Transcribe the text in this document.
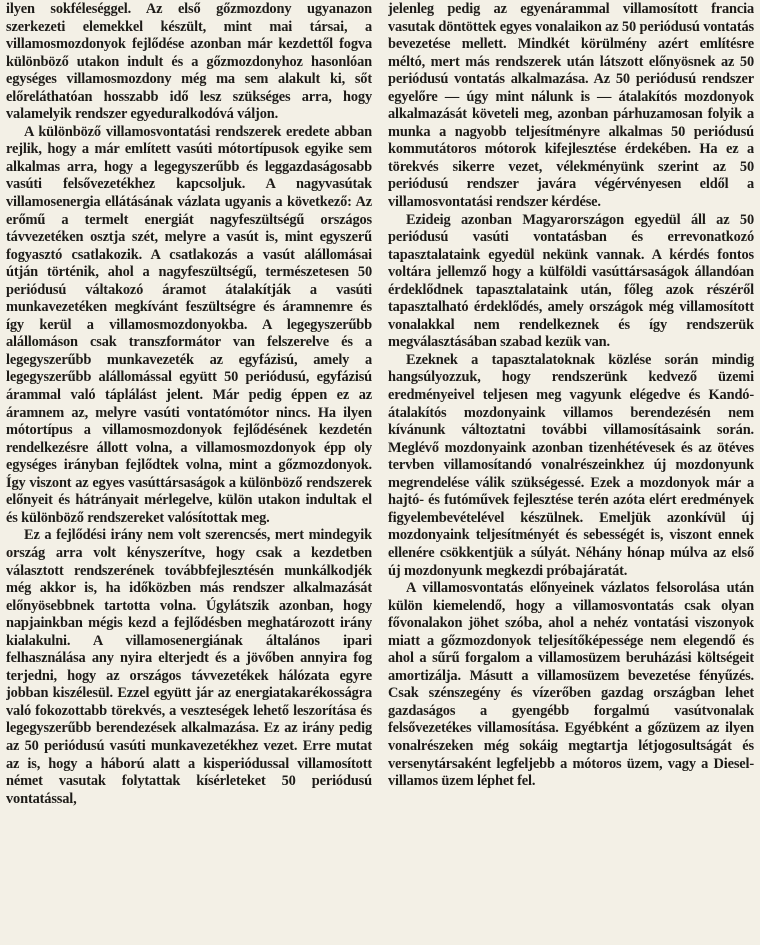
ilyen sokféleséggel. Az első gőzmozdony ugyanazon szerkezeti elemekkel készült, mint mai társai, a villamosmozdonyok fejlődése azonban már kezdettől fogva különböző utakon indult és a gőzmozdonyhoz hasonlóan egységes villamosmozdony még ma sem alakult ki, sőt előreláthatóan hosszabb idő lesz szükséges arra, hogy valamelyik rendszer egyeduralkodóvá váljon.

A különböző villamosvontatási rendszerek eredete abban rejlik, hogy a már említett vasúti mótortípusok egyike sem alkalmas arra, hogy a legegyszerűbb és leggazdaságosabb vasúti felsővezetékhez kapcsoljuk. A nagyvasútak villamosenergia ellátásának vázlata ugyanis a következő: Az erőmű a termelt energiát nagyfeszültségű országos távvezetéken osztja szét, melyre a vasút is, mint egyszerű fogyasztó csatlakozik. A csatlakozás a vasút alállomásai útján történik, ahol a nagyfeszültségű, természetesen 50 periódusú váltakozó áramot átalakítják a vasúti munkavezetéken megkívánt feszültségre és áramnemre és így kerül a villamosmozdonyokba. A legegyszerűbb alállomáson csak transzformátor van felszerelve és a legegyszerűbb munkavezeték az egyfázisú, amely a legegyszerűbb alállomással együtt 50 periódusú, egyfázisú árammal való táplálást jelent. Már pedig éppen ez az áramnem az, melyre vasúti vontatómótor nincs. Ha ilyen mótortípus a villamosmozdonyok fejlődésének kezdetén rendelkezésre állott volna, a villamosmozdonyok épp oly egységes irányban fejlődtek volna, mint a gőzmozdonyok. Így viszont az egyes vasúttársaságok a különböző rendszerek előnyeit és hátrányait mérlegelve, külön utakon indultak el és különböző rendszereket valósítottak meg.

Ez a fejlődési irány nem volt szerencsés, mert mindegyik ország arra volt kényszerítve, hogy csak a kezdetben választott rendszerének továbbfejlesztésén munkálkodjék még akkor is, ha időközben más rendszer alkalmazását előnyösebbnek tartotta volna. Úgylátszik azonban, hogy napjainkban mégis kezd a fejlődésben meghatározott irány kialakulni. A villamosenergiának általános ipari felhasználása any nyira elterjedt és a jövőben annyira fog terjedni, hogy az országos távvezetékek hálózata egyre jobban kiszélesül. Ezzel együtt jár az energiatakarékosságra való fokozottabb törekvés, a veszteségek lehető leszorítása és legegyszerűbb berendezések alkalmazása. Ez az irány pedig az 50 periódusú vasúti munkavezetékhez vezet. Erre mutat az is, hogy a háború alatt a kisperiódussal villamosított német vasutak folytattak kísérleteket 50 periódusú vontatással,

jelenleg pedig az egyenárammal villamosított francia vasutak döntöttek egyes vonalaikon az 50 periódusú vontatás bevezetése mellett. Mindkét körülmény azért említésre méltó, mert más rendszerek után látszott előnyösnek az 50 periódusú vontatás alkalmazása. Az 50 periódusú rendszer egyelőre — úgy mint nálunk is — átalakítós mozdonyok alkalmazását követeli meg, azonban párhuzamosan folyik a munka a nagyobb teljesítményre alkalmas 50 periódusú kommutátoros mótorok kifejlesztése érdekében. Ha ez a törekvés sikerre vezet, vélekményünk szerint az 50 periódusú rendszer javára végérvényesen eldől a villamosvontatási rendszer kérdése.

Ezideig azonban Magyarországon egyedül áll az 50 periódusú vasúti vontatásban és errevonatkozó tapasztalataink egyedül nekünk vannak. A kérdés fontos voltára jellemző hogy a külföldi vasúttársaságok állandóan érdeklődnek tapasztalataink után, főleg azok részéről tapasztalható érdeklődés, amely országok még villamosított vonalakkal nem rendelkeznek és így rendszerük megválasztásában szabad kezük van.

Ezeknek a tapasztalatoknak közlése során mindig hangsúlyozzuk, hogy rendszerünk kedvező üzemi eredményeivel teljesen meg vagyunk elégedve és Kandó-átalakítós mozdonyaink villamos berendezésén nem kívánunk változtatni további villamosításaink során. Meglévő mozdonyaink azonban tizenhétévesek és az ötéves tervben villamosítandó vonalrészeinkhez új mozdonyunk megrendelése válik szükségessé. Ezek a mozdonyok már a hajtó- és futóművek fejlesztése terén azóta elért eredmények figyelembevételével készülnek. Emeljük azonkívül új mozdonyaink teljesítményét és sebességét is, viszont ennek ellenére csökkentjük a súlyát. Néhány hónap múlva az első új mozdonyunk megkezdi próbajáratát.

A villamosvontatás előnyeinek vázlatos felsorolása után külön kiemelendő, hogy a villamosvontatás csak olyan fővonalakon jöhet szóba, ahol a nehéz vontatási viszonyok miatt a gőzmozdonyok teljesítőképessége nem elegendő és ahol a sűrű forgalom a villamosüzem beruházási költségeit amortizálja. Másutt a villamosüzem bevezetése fényűzés. Csak szénszegény és vízerőben gazdag országban lehet gazdaságos a gyengébb forgalmú vasútvonalak felsővezetékes villamosítása. Egyébként a gőzüzem az ilyen vonalrészeken még sokáig megtartja létjogosultságát és versenytársaként legfeljebb a mótoros üzem, vagy a Diesel-villamos üzem léphet fel.
